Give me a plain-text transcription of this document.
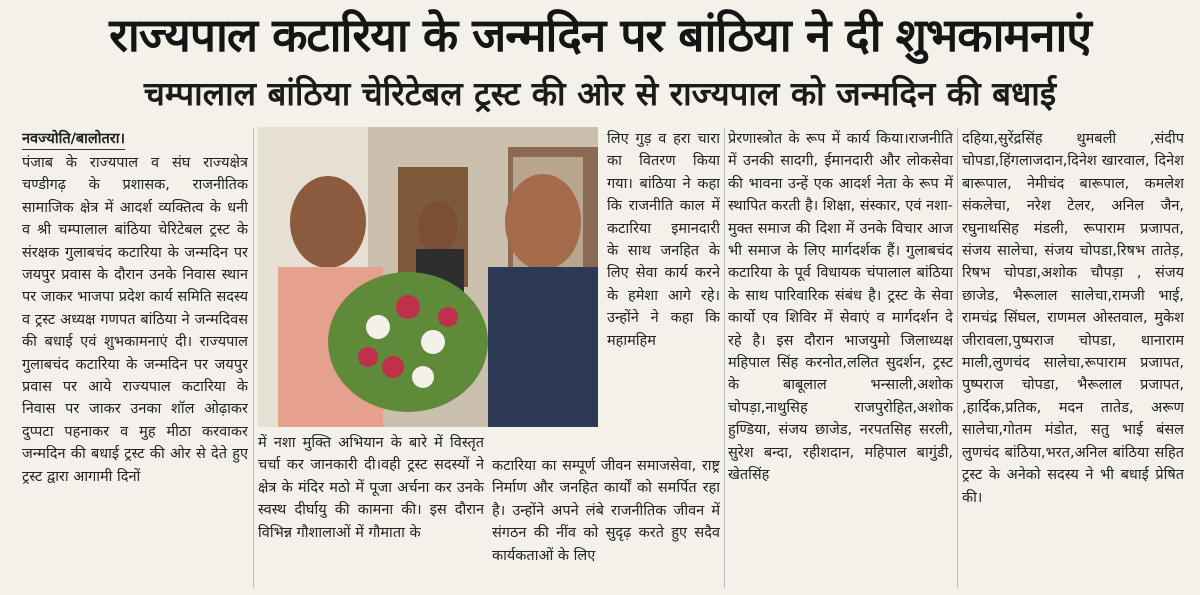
राज्यपाल कटारिया के जन्मदिन पर बांठिया ने दी शुभकामनाएं
चम्पालाल बांठिया चेरिटेबल ट्रस्ट की ओर से राज्यपाल को जन्मदिन की बधाई
नवज्योति/बालोतरा।

पंजाब के राज्यपाल व संघ राज्यक्षेत्र चण्डीगढ़ के प्रशासक, राजनीतिक सामाजिक क्षेत्र में आदर्श व्यक्तित्व के धनी व श्री चम्पालाल बांठिया चेरिटेबल ट्रस्ट के संरक्षक गुलाबचंद कटारिया के जन्मदिन पर जयपुर प्रवास के दौरान उनके निवास स्थान पर जाकर भाजपा प्रदेश कार्य समिति सदस्य व ट्रस्ट अध्यक्ष गणपत बांठिया ने जन्मदिवस की बधाई एवं शुभकामनाएं दी। राज्यपाल गुलाबचंद कटारिया के जन्मदिन पर जयपुर प्रवास पर आये राज्यपाल कटारिया के निवास पर जाकर उनका शॉल ओढ़ाकर दुप्पटा पहनाकर व मुह मीठा करवाकर जन्मदिन की बधाई ट्रस्ट की ओर से देते हुए ट्रस्ट द्वारा आगामी दिनों

में नशा मुक्ति अभियान के बारे में विस्तृत चर्चा कर जानकारी दी।वही ट्रस्ट सदस्यों ने क्षेत्र के मंदिर मठो में पूजा अर्चना कर उनके स्वस्थ दीर्घायु की कामना की। इस दौरान विभिन्न गौशालाओं में गौमाता के

लिए गुड़ व हरा चारा का वितरण किया गया। बांठिया ने कहा कि राजनीति काल में कटारिया इमानदारी के साथ जनहित के लिए सेवा कार्य करने के हमेशा आगे रहे। उन्होंने ने कहा कि महामहिम

कटारिया का सम्पूर्ण जीवन समाजसेवा, राष्ट्र निर्माण और जनहित कार्यों को समर्पित रहा है। उन्होंने अपने लंबे राजनीतिक जीवन में संगठन की नींव को सुदृढ़ करते हुए सदैव कार्यकताओं के लिए

प्रेरणास्त्रोत के रूप में कार्य किया।राजनीति में उनकी सादगी, ईमानदारी और लोकसेवा की भावना उन्हें एक आदर्श नेता के रूप में स्थापित करती है। शिक्षा, संस्कार, एवं नशा-मुक्त समाज की दिशा में उनके विचार आज भी समाज के लिए मार्गदर्शक हैं। गुलाबचंद कटारिया के पूर्व विधायक चंपालाल बांठिया के साथ पारिवारिक संबंध है। ट्रस्ट के सेवा कार्यो एव शिविर में सेवाएं व मार्गदर्शन दे रहे है। इस दौरान भाजयुमो जिलाध्यक्ष महिपाल सिंह करनोत,ललित सुदर्शन, ट्रस्ट के बाबूलाल भन्साली,अशोक चोपड़ा,नाथुसिह राजपुरोहित,अशोक हुण्डिया, संजय छाजेड, नरपतसिह सरली, सुरेश बन्दा, रहीशदान, महिपाल बागुंडी, खेतसिंह

दहिया,सुरेंद्रसिंह थुमबली ,संदीप चोपडा,हिंगलाजदान,दिनेश खारवाल, दिनेश बारूपाल, नेमीचंद बारूपाल, कमलेश संकलेचा, नरेश टेलर, अनिल जैन, रघुनाथसिह मंडली, रूपाराम प्रजापत, संजय सालेचा, संजय चोपडा,रिषभ तातेड़, रिषभ चोपडा,अशोक चौपड़ा , संजय छाजेड, भैरूलाल सालेचा,रामजी भाई, रामचंद्र सिंघल, राणमल ओस्तवाल, मुकेश जीरावला,पुष्पराज चोपडा, थानाराम माली,लुणचंद सालेचा,रूपाराम प्रजापत, पुष्पराज चोपडा, भैरूलाल प्रजापत, ,हार्दिक,प्रतिक, मदन तातेड, अरूण सालेचा,गोतम मंडोत, सतु भाई बंसल लुणचंद बांठिया,भरत,अनिल बांठिया सहित ट्रस्ट के अनेको सदस्य ने भी बधाई प्रेषित की।
